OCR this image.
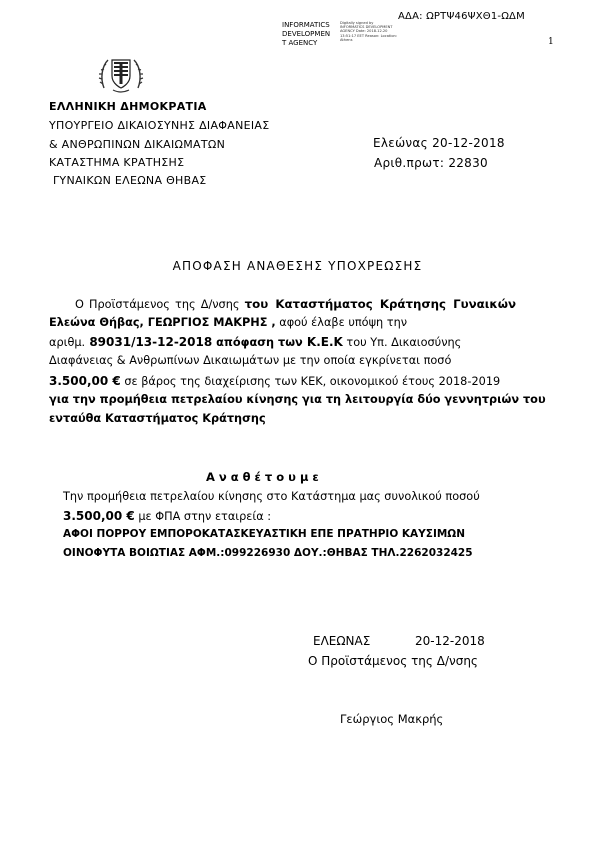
ΑΔΑ: ΩΡΤΨ46ΨΧΘ1-ΩΔΜ
1
INFORMATICS
DEVELOPMEN
T AGENCY
Digitally signed by INFORMATICS DEVELOPMENT AGENCY Date: 2018.12.20 13:51:17 EET Reason: Location: Athens
ΕΛΛΗΝΙΚΗ ΔΗΜΟΚΡΑΤΙΑ
ΥΠΟΥΡΓΕΙΟ ΔΙΚΑΙΟΣΥΝΗΣ ΔΙΑΦΑΝΕΙΑΣ
& ΑΝΘΡΩΠΙΝΩΝ ΔΙΚΑΙΩΜΑΤΩΝ
ΚΑΤΑΣΤΗΜΑ ΚΡΑΤΗΣΗΣ
ΓΥΝΑΙΚΩΝ ΕΛΕΩΝΑ ΘΗΒΑΣ
Ελεώνας 20-12-2018
Αριθ.πρωτ: 22830
ΑΠΟΦΑΣΗ ΑΝΑΘΕΣΗΣ ΥΠΟΧΡΕΩΣΗΣ
Ο Προϊστάμενος της Δ/νσης του Καταστήματος Κράτησης Γυναικών
Ελεώνα Θήβας, ΓΕΩΡΓΙΟΣ ΜΑΚΡΗΣ , αφού έλαβε υπόψη την
αριθμ. 89031/13-12-2018 απόφαση των Κ.Ε.Κ του Υπ. Δικαιοσύνης
Διαφάνειας & Ανθρωπίνων Δικαιωμάτων με την οποία εγκρίνεται ποσό
3.500,00 € σε βάρος της διαχείρισης των ΚΕΚ, οικονομικού έτους 2018-2019
για την προμήθεια πετρελαίου κίνησης για τη λειτουργία δύο γεννητριών του
ενταύθα Καταστήματος Κράτησης
Αναθέτουμε
Την προμήθεια πετρελαίου κίνησης στο Κατάστημα μας συνολικού ποσού
3.500,00 € με ΦΠΑ στην εταιρεία :
ΑΦΟΙ ΠΟΡΡΟΥ ΕΜΠΟΡΟΚΑΤΑΣΚΕΥΑΣΤΙΚΗ ΕΠΕ ΠΡΑΤΗΡΙΟ ΚΑΥΣΙΜΩΝ
ΟΙΝΟΦΥΤΑ ΒΟΙΩΤΙΑΣ ΑΦΜ.:099226930 ΔΟΥ.:ΘΗΒΑΣ ΤΗΛ.2262032425
ΕΛΕΩΝΑΣ	20-12-2018
Ο Προϊστάμενος της Δ/νσης
Γεώργιος Μακρής
